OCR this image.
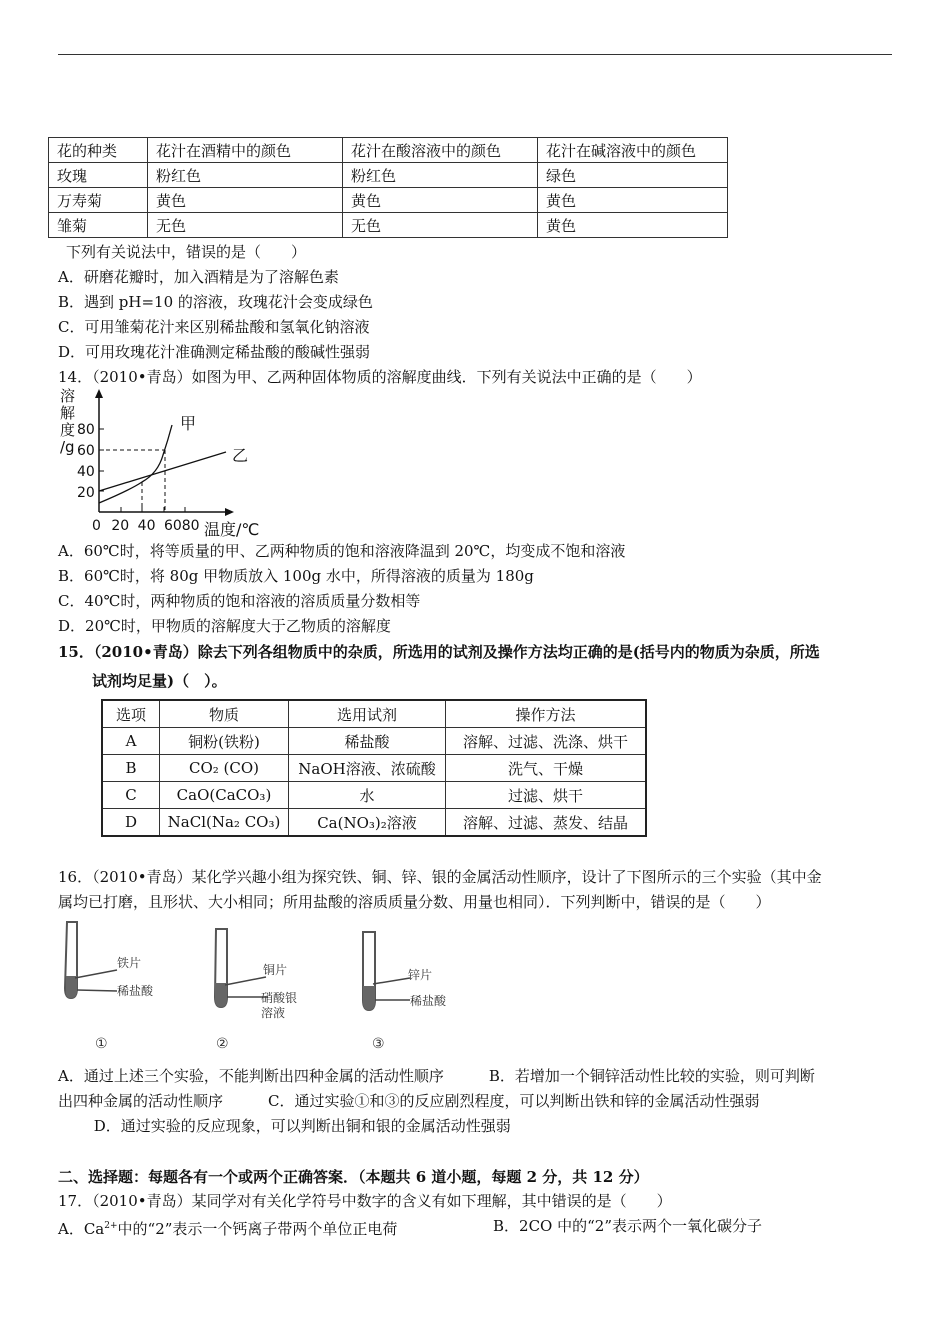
花的种类	花汁在酒精中的颜色	花汁在酸溶液中的颜色	花汁在碱溶液中的颜色
玫瑰	粉红色	粉红色	绿色
万寿菊	黄色	黄色	黄色
雏菊	无色	无色	黄色
下列有关说法中，错误的是（　　）
A．研磨花瓣时，加入酒精是为了溶解色素
B．遇到 pH=10 的溶液，玫瑰花汁会变成绿色
C．可用雏菊花汁来区别稀盐酸和氢氧化钠溶液
D．可用玫瑰花汁准确测定稀盐酸的酸碱性强弱
14．（2010•青岛）如图为甲、乙两种固体物质的溶解度曲线．下列有关说法中正确的是（　　）
溶
解
度
/g
80
60
40
20
0 20 40 6080 温度/℃
甲
乙
A．60℃时，将等质量的甲、乙两种物质的饱和溶液降温到 20℃，均变成不饱和溶液
B．60℃时，将 80g 甲物质放入 100g 水中，所得溶液的质量为 180g
C．40℃时，两种物质的饱和溶液的溶质质量分数相等
D．20℃时，甲物质的溶解度大于乙物质的溶解度
15．（2010•青岛）除去下列各组物质中的杂质，所选用的试剂及操作方法均正确的是(括号内的物质为杂质，所选
试剂均足量)（　）。
选项	物质	选用试剂	操作方法
A	铜粉(铁粉)	稀盐酸	溶解、过滤、洗涤、烘干
B	CO₂ (CO)	NaOH溶液、浓硫酸	洗气、干燥
C	CaO(CaCO₃)	水	过滤、烘干
D	NaCl(Na₂ CO₃)	Ca(NO₃)₂溶液	溶解、过滤、蒸发、结晶
16．（2010•青岛）某化学兴趣小组为探究铁、铜、锌、银的金属活动性顺序，设计了下图所示的三个实验（其中金
属均已打磨，且形状、大小相同；所用盐酸的溶质质量分数、用量也相同）．下列判断中，错误的是（　　）
铁片
稀盐酸
①
铜片
硝酸银
溶液
②
锌片
稀盐酸
③
A．通过上述三个实验，不能判断出四种金属的活动性顺序　　　B．若增加一个铜锌活动性比较的实验，则可判断
出四种金属的活动性顺序　　　C．通过实验①和③的反应剧烈程度，可以判断出铁和锌的金属活动性强弱
　 D．通过实验的反应现象，可以判断出铜和银的金属活动性强弱
二、选择题：每题各有一个或两个正确答案．（本题共 6 道小题，每题 2 分，共 12 分）
17．（2010•青岛）某同学对有关化学符号中数字的含义有如下理解，其中错误的是（　　）
A．$Ca^{2+}$中的“2”表示一个钙离子带两个单位正电荷	B．2CO 中的“2”表示两个一氧化碳分子
